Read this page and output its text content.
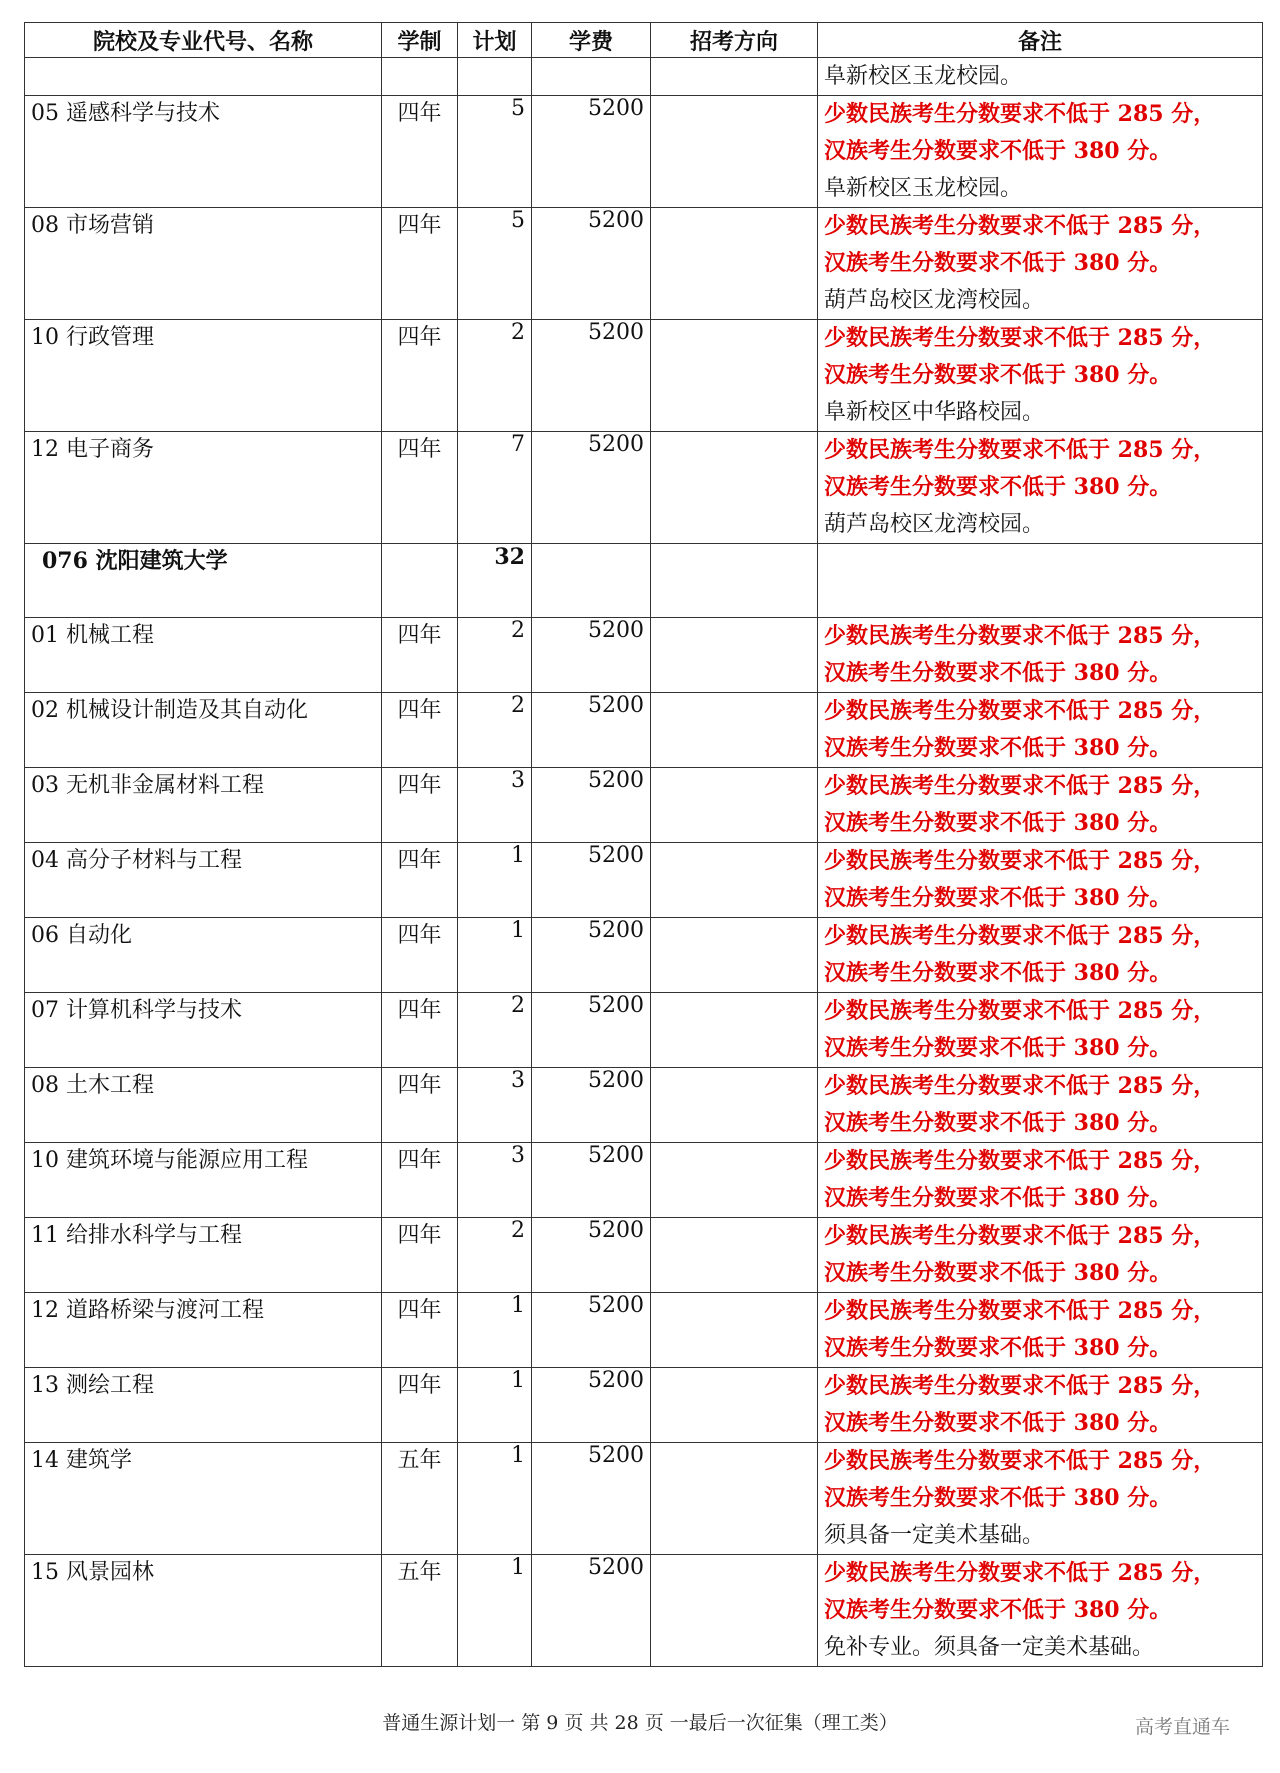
院校及专业代号、名称	学制	计划	学费	招考方向	备注

					阜新校区玉龙校园。

05 遥感科学与技术	四年	5	5200		少数民族考生分数要求不低于 285 分，
汉族考生分数要求不低于 380 分。
阜新校区玉龙校园。

08 市场营销	四年	5	5200		少数民族考生分数要求不低于 285 分，
汉族考生分数要求不低于 380 分。
葫芦岛校区龙湾校园。

10 行政管理	四年	2	5200		少数民族考生分数要求不低于 285 分，
汉族考生分数要求不低于 380 分。
阜新校区中华路校园。

12 电子商务	四年	7	5200		少数民族考生分数要求不低于 285 分，
汉族考生分数要求不低于 380 分。
葫芦岛校区龙湾校园。

076 沈阳建筑大学		32			
01 机械工程	四年	2	5200		少数民族考生分数要求不低于 285 分，
汉族考生分数要求不低于 380 分。

02 机械设计制造及其自动化	四年	2	5200		少数民族考生分数要求不低于 285 分，
汉族考生分数要求不低于 380 分。

03 无机非金属材料工程	四年	3	5200		少数民族考生分数要求不低于 285 分，
汉族考生分数要求不低于 380 分。

04 高分子材料与工程	四年	1	5200		少数民族考生分数要求不低于 285 分，
汉族考生分数要求不低于 380 分。

06 自动化	四年	1	5200		少数民族考生分数要求不低于 285 分，
汉族考生分数要求不低于 380 分。

07 计算机科学与技术	四年	2	5200		少数民族考生分数要求不低于 285 分，
汉族考生分数要求不低于 380 分。

08 土木工程	四年	3	5200		少数民族考生分数要求不低于 285 分，
汉族考生分数要求不低于 380 分。

10 建筑环境与能源应用工程	四年	3	5200		少数民族考生分数要求不低于 285 分，
汉族考生分数要求不低于 380 分。

11 给排水科学与工程	四年	2	5200		少数民族考生分数要求不低于 285 分，
汉族考生分数要求不低于 380 分。

12 道路桥梁与渡河工程	四年	1	5200		少数民族考生分数要求不低于 285 分，
汉族考生分数要求不低于 380 分。

13 测绘工程	四年	1	5200		少数民族考生分数要求不低于 285 分，
汉族考生分数要求不低于 380 分。

14 建筑学	五年	1	5200		少数民族考生分数要求不低于 285 分，
汉族考生分数要求不低于 380 分。
须具备一定美术基础。

15 风景园林	五年	1	5200		少数民族考生分数要求不低于 285 分，
汉族考生分数要求不低于 380 分。
免补专业。须具备一定美术基础。
普通生源计划一 第 9 页 共 28 页 一最后一次征集（理工类）	高考直通车
